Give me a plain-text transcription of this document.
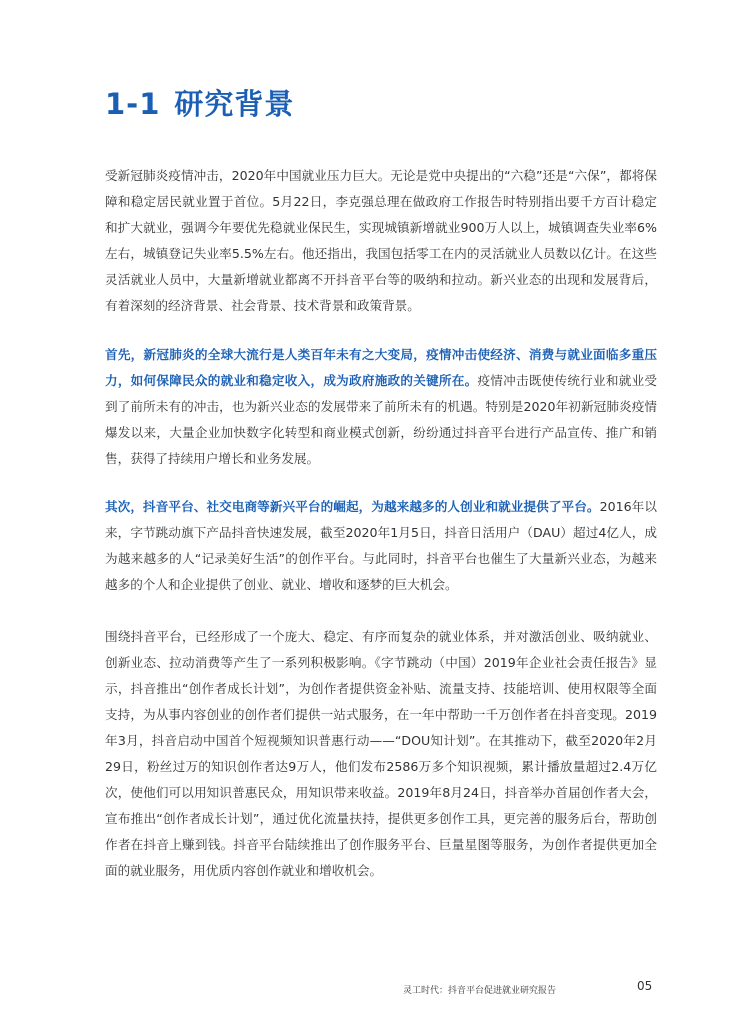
1-1 研究背景

受新冠肺炎疫情冲击，2020年中国就业压力巨大。无论是党中央提出的“六稳”还是“六保”，都将保障和稳定居民就业置于首位。5月22日，李克强总理在做政府工作报告时特别指出要千方百计稳定和扩大就业，强调今年要优先稳就业保民生，实现城镇新增就业900万人以上，城镇调查失业率6%左右，城镇登记失业率5.5%左右。他还指出，我国包括零工在内的灵活就业人员数以亿计。在这些灵活就业人员中，大量新增就业都离不开抖音平台等的吸纳和拉动。新兴业态的出现和发展背后，有着深刻的经济背景、社会背景、技术背景和政策背景。

首先，新冠肺炎的全球大流行是人类百年未有之大变局，疫情冲击使经济、消费与就业面临多重压力，如何保障民众的就业和稳定收入，成为政府施政的关键所在。疫情冲击既使传统行业和就业受到了前所未有的冲击，也为新兴业态的发展带来了前所未有的机遇。特别是2020年初新冠肺炎疫情爆发以来，大量企业加快数字化转型和商业模式创新，纷纷通过抖音平台进行产品宣传、推广和销售，获得了持续用户增长和业务发展。

其次，抖音平台、社交电商等新兴平台的崛起，为越来越多的人创业和就业提供了平台。2016年以来，字节跳动旗下产品抖音快速发展，截至2020年1月5日，抖音日活用户（DAU）超过4亿人，成为越来越多的人“记录美好生活”的创作平台。与此同时，抖音平台也催生了大量新兴业态，为越来越多的个人和企业提供了创业、就业、增收和逐梦的巨大机会。

围绕抖音平台，已经形成了一个庞大、稳定、有序而复杂的就业体系，并对激活创业、吸纳就业、创新业态、拉动消费等产生了一系列积极影响。《字节跳动（中国）2019年企业社会责任报告》显示，抖音推出“创作者成长计划”，为创作者提供资金补贴、流量支持、技能培训、使用权限等全面支持，为从事内容创业的创作者们提供一站式服务，在一年中帮助一千万创作者在抖音变现。2019年3月，抖音启动中国首个短视频知识普惠行动——“DOU知计划”。在其推动下，截至2020年2月29日，粉丝过万的知识创作者达9万人，他们发布2586万多个知识视频，累计播放量超过2.4万亿次，使他们可以用知识普惠民众，用知识带来收益。2019年8月24日，抖音举办首届创作者大会，宣布推出“创作者成长计划”，通过优化流量扶持，提供更多创作工具，更完善的服务后台，帮助创作者在抖音上赚到钱。抖音平台陆续推出了创作服务平台、巨量星图等服务，为创作者提供更加全面的就业服务，用优质内容创作就业和增收机会。

灵工时代：抖音平台促进就业研究报告	05
